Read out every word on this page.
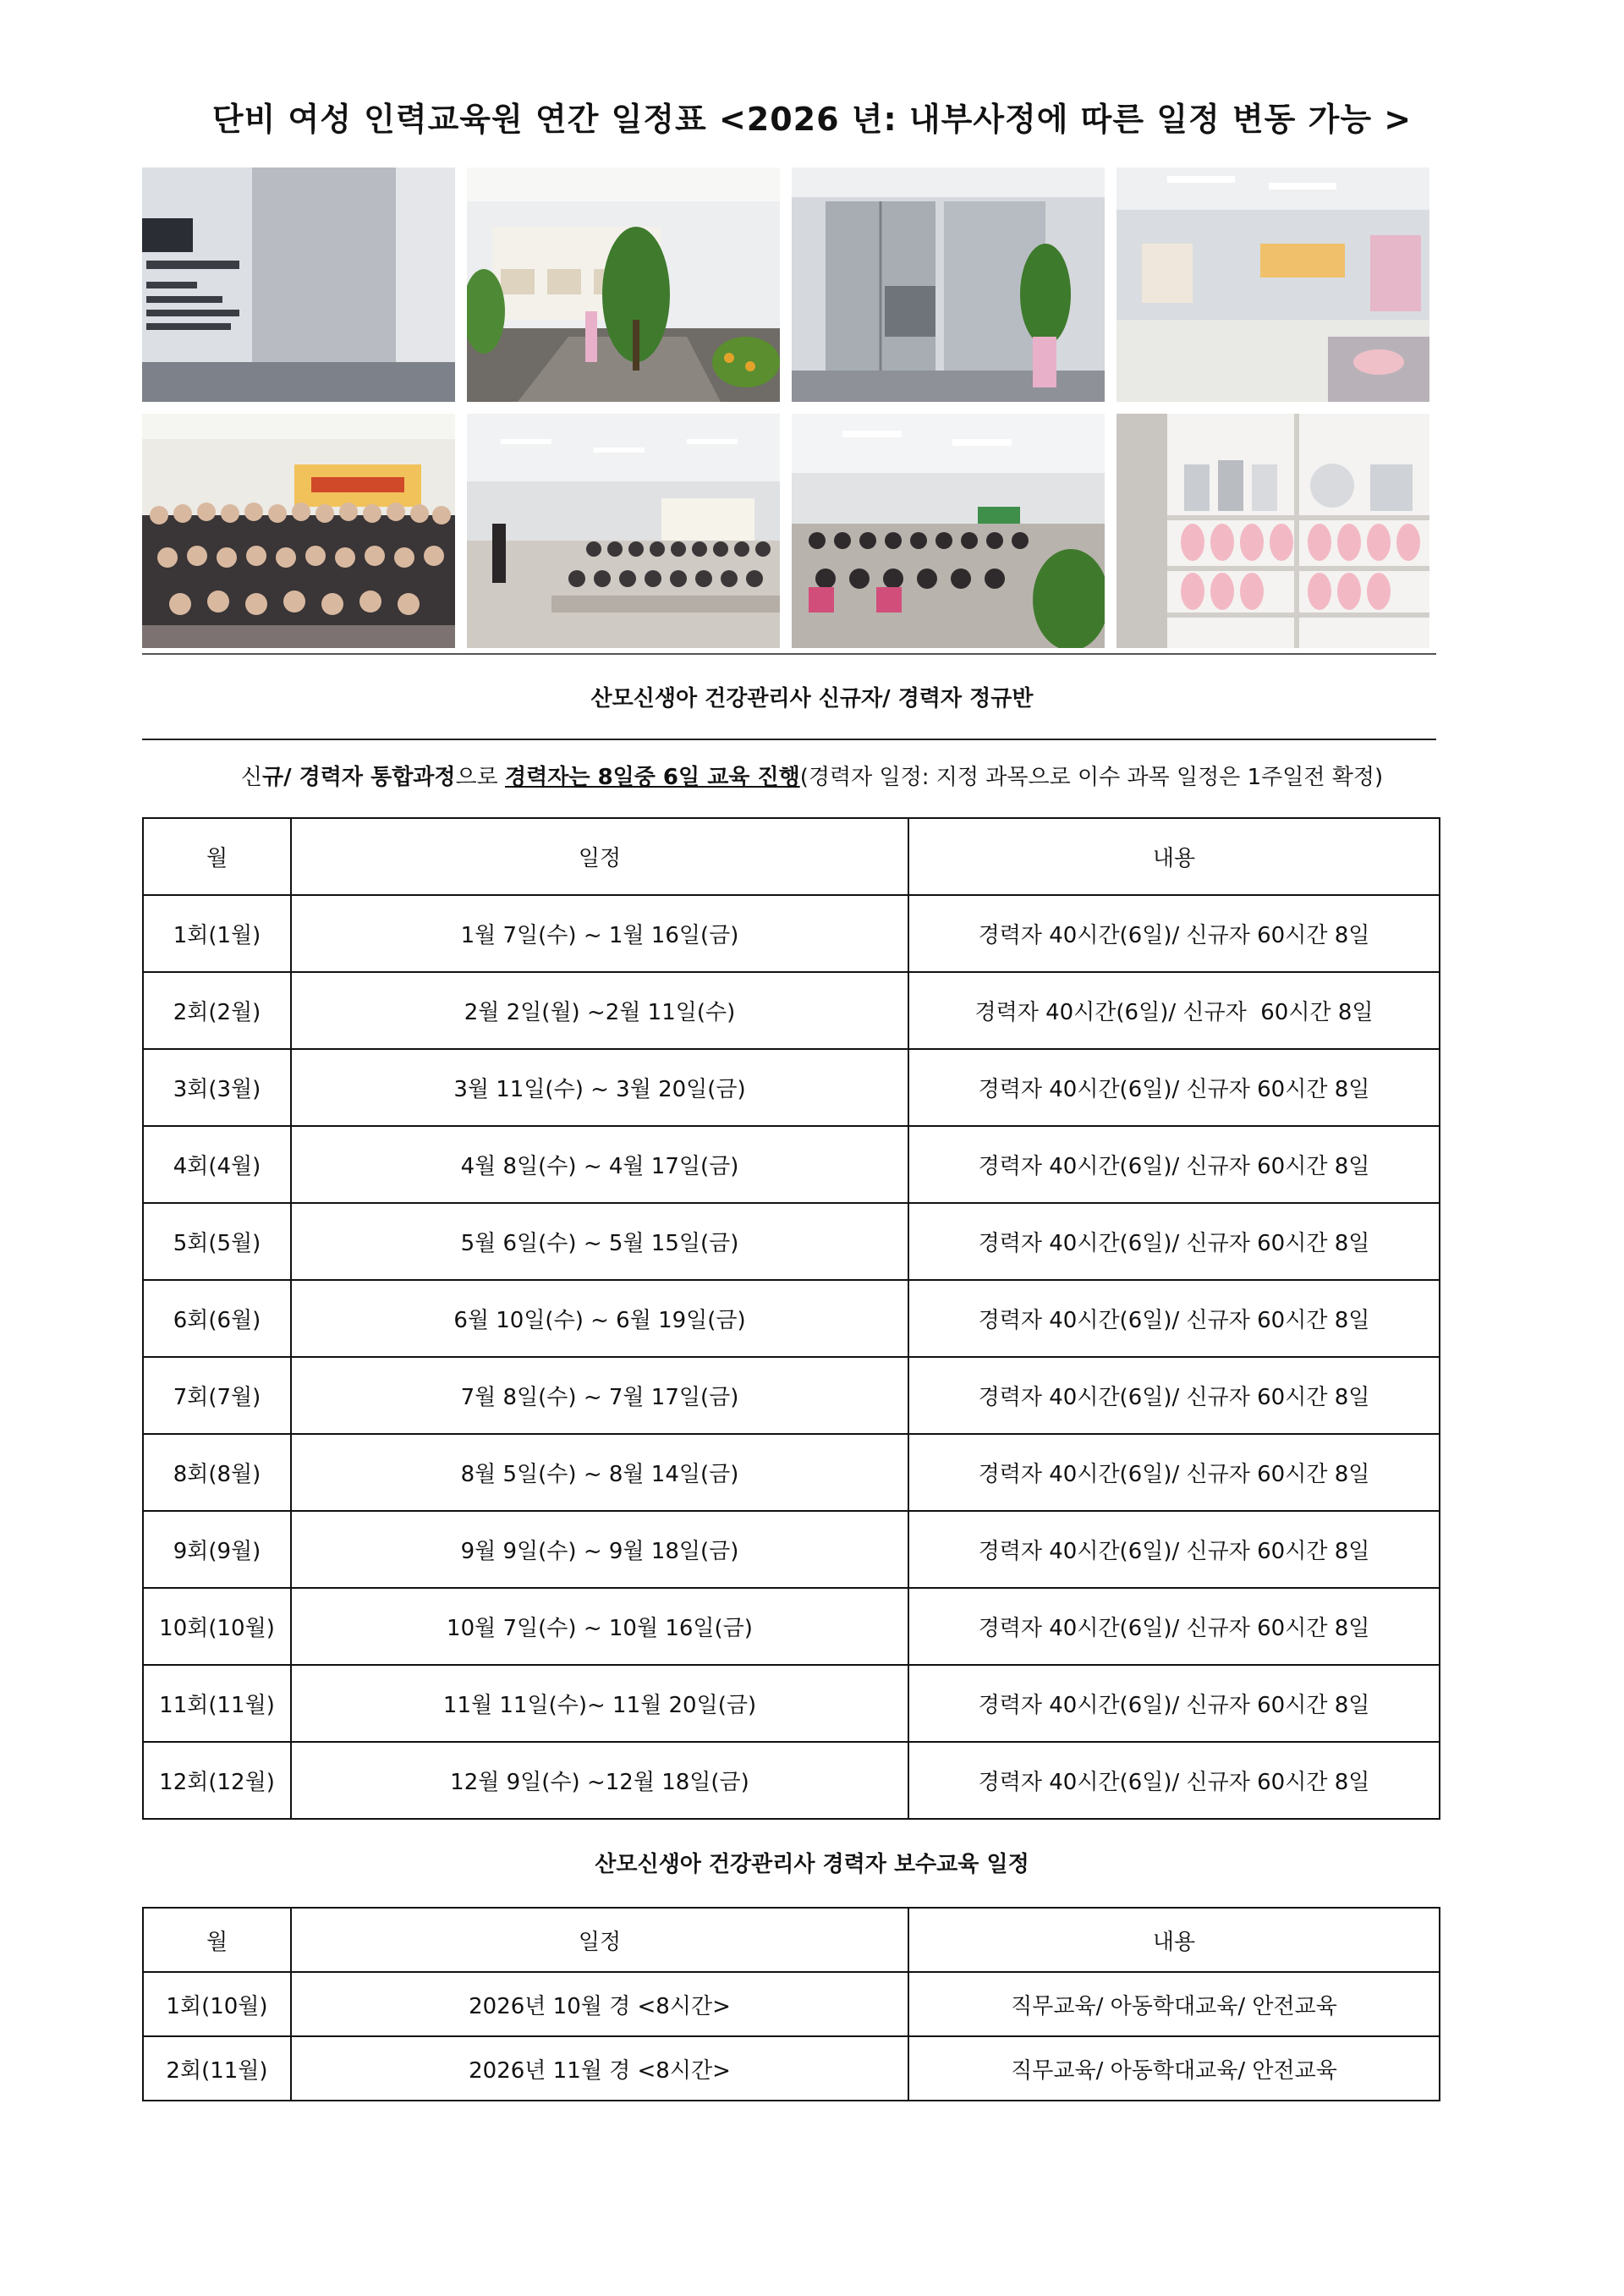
단비 여성 인력교육원 연간 일정표 <2026 년: 내부사정에 따른 일정 변동 가능 >
산모신생아 건강관리사 신규자/ 경력자 정규반
신규/ 경력자 통합과정으로 경력자는 8일중 6일 교육 진행(경력자 일정: 지정 과목으로 이수 과목 일정은 1주일전 확정)
월	일정	내용
1회(1월)	1월 7일(수) ~ 1월 16일(금)	경력자 40시간(6일)/ 신규자 60시간 8일
2회(2월)	2월 2일(월) ~2월 11일(수)	경력자 40시간(6일)/ 신규자  60시간 8일
3회(3월)	3월 11일(수) ~ 3월 20일(금)	경력자 40시간(6일)/ 신규자 60시간 8일
4회(4월)	4월 8일(수) ~ 4월 17일(금)	경력자 40시간(6일)/ 신규자 60시간 8일
5회(5월)	5월 6일(수) ~ 5월 15일(금)	경력자 40시간(6일)/ 신규자 60시간 8일
6회(6월)	6월 10일(수) ~ 6월 19일(금)	경력자 40시간(6일)/ 신규자 60시간 8일
7회(7월)	7월 8일(수) ~ 7월 17일(금)	경력자 40시간(6일)/ 신규자 60시간 8일
8회(8월)	8월 5일(수) ~ 8월 14일(금)	경력자 40시간(6일)/ 신규자 60시간 8일
9회(9월)	9월 9일(수) ~ 9월 18일(금)	경력자 40시간(6일)/ 신규자 60시간 8일
10회(10월)	10월 7일(수) ~ 10월 16일(금)	경력자 40시간(6일)/ 신규자 60시간 8일
11회(11월)	11월 11일(수)~ 11월 20일(금)	경력자 40시간(6일)/ 신규자 60시간 8일
12회(12월)	12월 9일(수) ~12월 18일(금)	경력자 40시간(6일)/ 신규자 60시간 8일
산모신생아 건강관리사 경력자 보수교육 일정
월	일정	내용
1회(10월)	2026년 10월 경 <8시간>	직무교육/ 아동학대교육/ 안전교육
2회(11월)	2026년 11월 경 <8시간>	직무교육/ 아동학대교육/ 안전교육
